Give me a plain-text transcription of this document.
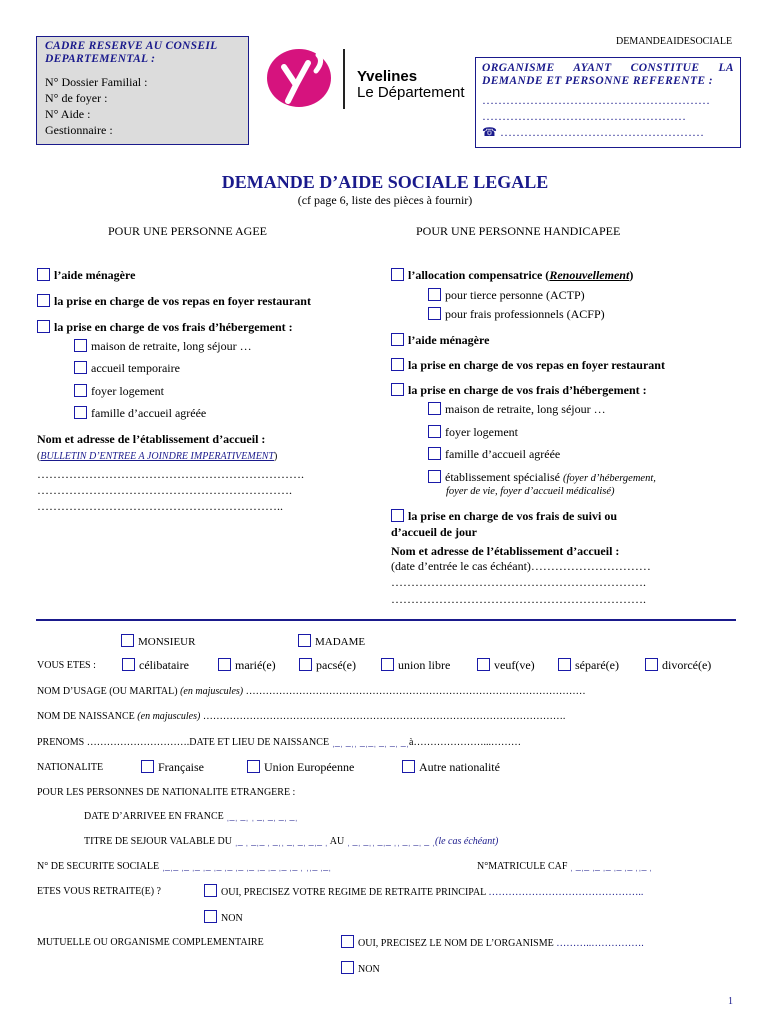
DEMANDEAIDESOCIALE
CADRE RESERVE AU CONSEIL DEPARTEMENTAL :
N° Dossier Familial :
N° de foyer :
N° Aide :
Gestionnaire :
Yvelines
Le Département
ORGANISME AYANT CONSTITUE LA DEMANDE ET PERSONNE REFERENTE :
…………………………………………………
……………………………………………
☎ ……………………………………………
DEMANDE D’AIDE SOCIALE LEGALE
(cf page 6, liste des pièces à fournir)
POUR UNE PERSONNE AGEE	POUR UNE PERSONNE HANDICAPEE
l’aide ménagère
la prise en charge de vos repas en foyer restaurant
la prise en charge de vos frais d’hébergement :
maison de retraite, long séjour …
accueil temporaire
foyer logement
famille d’accueil agréée
Nom et adresse de l’établissement d’accueil :
(BULLETIN D’ENTREE A JOINDRE IMPERATIVEMENT)
………………………………………………………….
……………………………………………………….
……………………………………………………..
l’allocation compensatrice (Renouvellement)
pour tierce personne (ACTP)
pour frais professionnels (ACFP)
l’aide ménagère
la prise en charge de vos repas en foyer restaurant
la prise en charge de vos frais d’hébergement :
maison de retraite, long séjour …
foyer logement
famille d’accueil agréée
établissement spécialisé (foyer d’hébergement,
foyer de vie, foyer d’accueil médicalisé)
la prise en charge de vos frais de suivi ou
d’accueil de jour
Nom et adresse de l’établissement d’accueil :
(date d’entrée le cas échéant)…………………………
……………………………………………………….
……………………………………………………….
MONSIEUR	MADAME
VOUS ETES :	célibataire	marié(e)	pacsé(e)	union libre	veuf(ve)	séparé(e)	divorcé(e)
NOM D’USAGE (OU MARITAL) (en majuscules) …………………………………………………………………………………………
NOM DE NAISSANCE (en majuscules) ……………………………………………………………………………………………….
PRENOMS ………………………….DATE ET LIEU DE NAISSANCE ˌ_ˌ _ˌˌ _ˌ_ˌ _ˌ _ˌ _ˌà…………………...………
NATIONALITE	Française	Union Européenne	Autre nationalité
POUR LES PERSONNES DE NATIONALITE ETRANGERE :
DATE D’ARRIVEE EN FRANCE ˌ_ˌ _ˌ ˌ _ˌ _ˌ _ˌ _ˌ
TITRE DE SEJOUR VALABLE DU ˌ_ ˌ _ˌ_ ˌ _ˌˌ _ˌ _ˌ _ˌ_ ˌ AU ˌ _ˌ _ˌˌ _ˌ_ ˌˌ _ˌ _ˌ _ ˌ(le cas échéant)
N° DE SECURITE SOCIALE ˌ_ˌ_ ˌ_ ˌ_ ˌ_ ˌ_ ˌ_ ˌ_ ˌ_ ˌ_ ˌ_ ˌ_ ˌ_ ˌ ˌˌ_ ˌ_ˌ	N°MATRICULE CAF ˌ _ˌ_ ˌ_ ˌ_ ˌ_ ˌ_ ˌˌ_ ˌ
ETES VOUS RETRAITE(E) ?	OUI, PRECISEZ VOTRE REGIME DE RETRAITE PRINCIPAL ………………………………………..
NON
MUTUELLE OU ORGANISME COMPLEMENTAIRE	OUI, PRECISEZ LE NOM DE L’ORGANISME ………..…………….
NON
1
